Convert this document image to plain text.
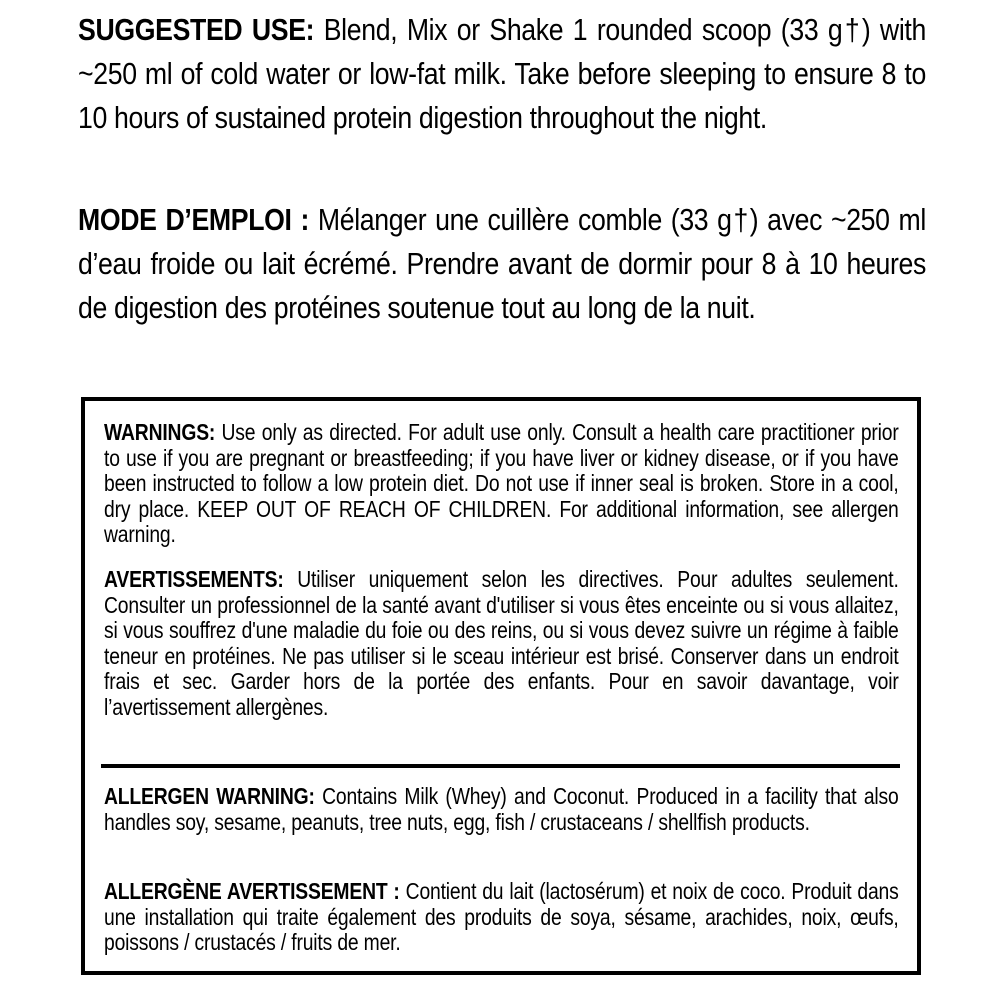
SUGGESTED USE: Blend, Mix or Shake 1 rounded scoop (33 g†) with ~250 ml of cold water or low-fat milk. Take before sleeping to ensure 8 to 10 hours of sustained protein digestion throughout the night.

MODE D’EMPLOI : Mélanger une cuillère comble (33 g†) avec ~250 ml d’eau froide ou lait écrémé. Prendre avant de dormir pour 8 à 10 heures de digestion des protéines soutenue tout au long de la nuit.

WARNINGS: Use only as directed. For adult use only. Consult a health care practitioner prior to use if you are pregnant or breastfeeding; if you have liver or kidney disease, or if you have been instructed to follow a low protein diet. Do not use if inner seal is broken. Store in a cool, dry place. KEEP OUT OF REACH OF CHILDREN. For additional information, see allergen warning.

AVERTISSEMENTS: Utiliser uniquement selon les directives. Pour adultes seulement. Consulter un professionnel de la santé avant d'utiliser si vous êtes enceinte ou si vous allaitez, si vous souffrez d'une maladie du foie ou des reins, ou si vous devez suivre un régime à faible teneur en protéines. Ne pas utiliser si le sceau intérieur est brisé. Conserver dans un endroit frais et sec. Garder hors de la portée des enfants. Pour en savoir davantage, voir l’avertissement allergènes.

ALLERGEN WARNING: Contains Milk (Whey) and Coconut. Produced in a facility that also handles soy, sesame, peanuts, tree nuts, egg, fish / crustaceans / shellfish products.

ALLERGÈNE AVERTISSEMENT : Contient du lait (lactosérum) et noix de coco. Produit dans une installation qui traite également des produits de soya, sésame, arachides, noix, œufs, poissons / crustacés / fruits de mer.
